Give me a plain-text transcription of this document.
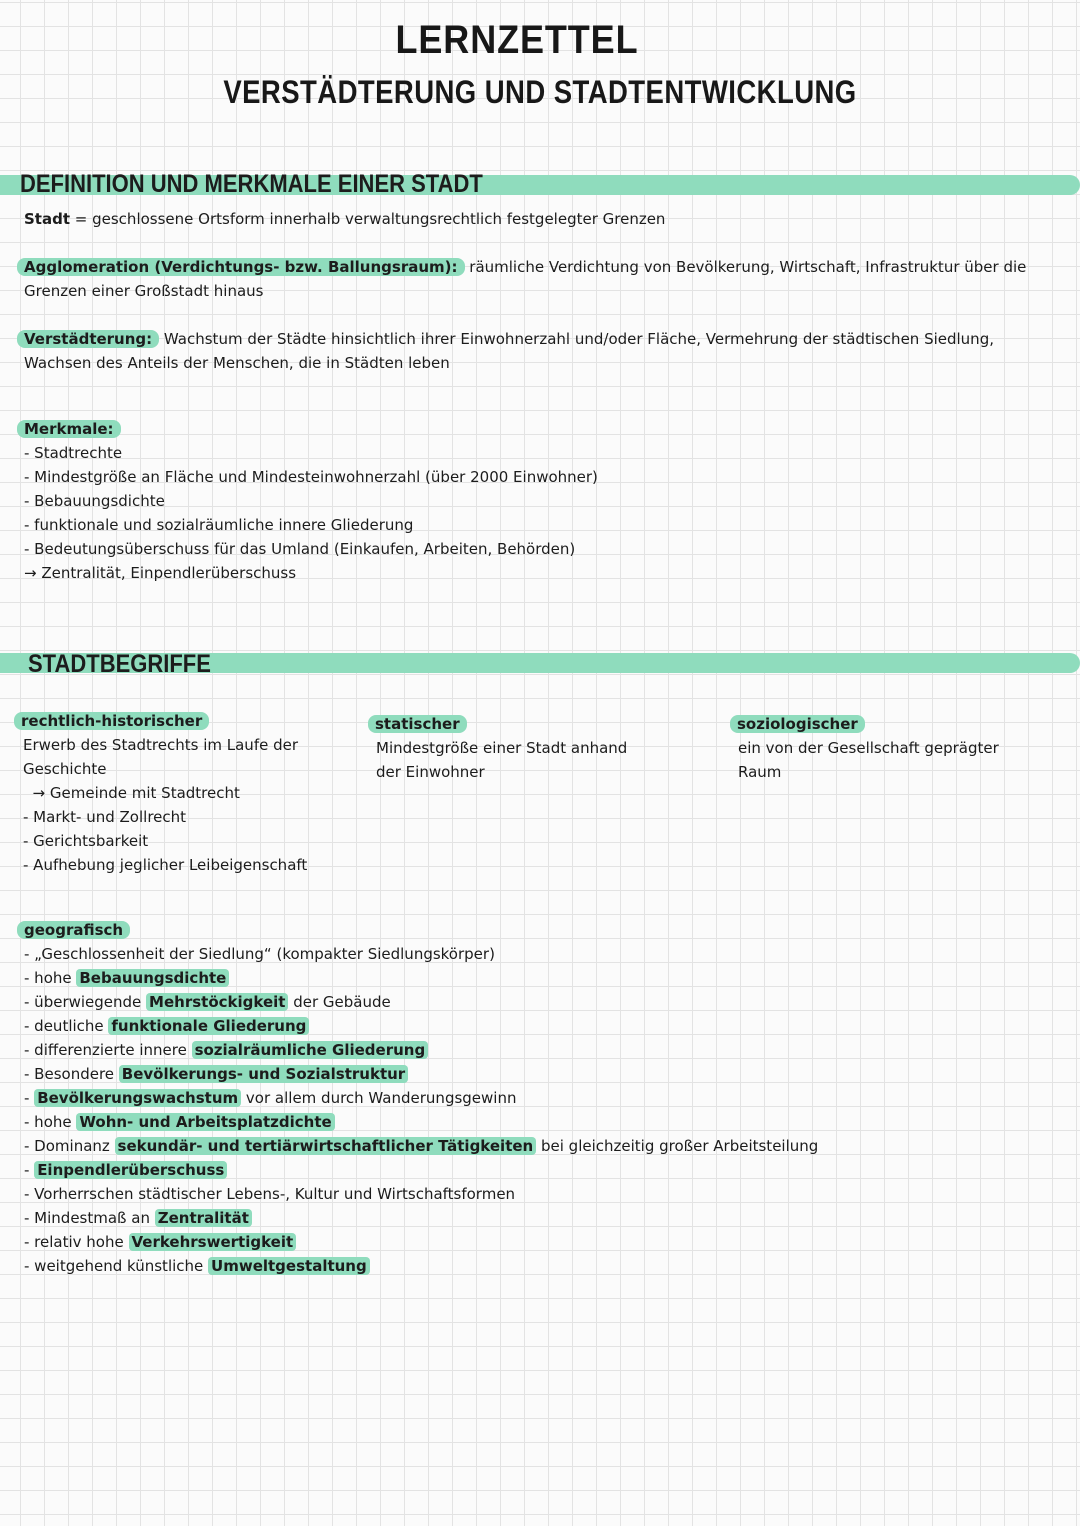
LERNZETTEL
VERSTÄDTERUNG UND STADTENTWICKLUNG
DEFINITION UND MERKMALE EINER STADT

Stadt = geschlossene Ortsform innerhalb verwaltungsrechtlich festgelegter Grenzen

Agglomeration (Verdichtungs- bzw. Ballungsraum): räumliche Verdichtung von Bevölkerung, Wirtschaft, Infrastruktur über die

Grenzen einer Großstadt hinaus

Verstädterung: Wachstum der Städte hinsichtlich ihrer Einwohnerzahl und/oder Fläche, Vermehrung der städtischen Siedlung,

Wachsen des Anteils der Menschen, die in Städten leben

Merkmale:

- Stadtrechte
- Mindestgröße an Fläche und Mindesteinwohnerzahl (über 2000 Einwohner)
- Bebauungsdichte
- funktionale und sozialräumliche innere Gliederung
- Bedeutungsüberschuss für das Umland (Einkaufen, Arbeiten, Behörden)
→ Zentralität, Einpendlerüberschuss
STADTBEGRIFFE

rechtlich-historischer

Erwerb des Stadtrechts im Laufe der
Geschichte
→ Gemeinde mit Stadtrecht
- Markt- und Zollrecht
- Gerichtsbarkeit
- Aufhebung jeglicher Leibeigenschaft

statischer

Mindestgröße einer Stadt anhand
der Einwohner

soziologischer

ein von der Gesellschaft geprägter
Raum

geografisch

- „Geschlossenheit der Siedlung“ (kompakter Siedlungskörper)
- hohe Bebauungsdichte
- überwiegende Mehrstöckigkeit der Gebäude
- deutliche funktionale Gliederung
- differenzierte innere sozialräumliche Gliederung
- Besondere Bevölkerungs- und Sozialstruktur
- Bevölkerungswachstum vor allem durch Wanderungsgewinn
- hohe Wohn- und Arbeitsplatzdichte
- Dominanz sekundär- und tertiärwirtschaftlicher Tätigkeiten bei gleichzeitig großer Arbeitsteilung
- Einpendlerüberschuss
- Vorherrschen städtischer Lebens-, Kultur und Wirtschaftsformen
- Mindestmaß an Zentralität
- relativ hohe Verkehrswertigkeit
- weitgehend künstliche Umweltgestaltung
